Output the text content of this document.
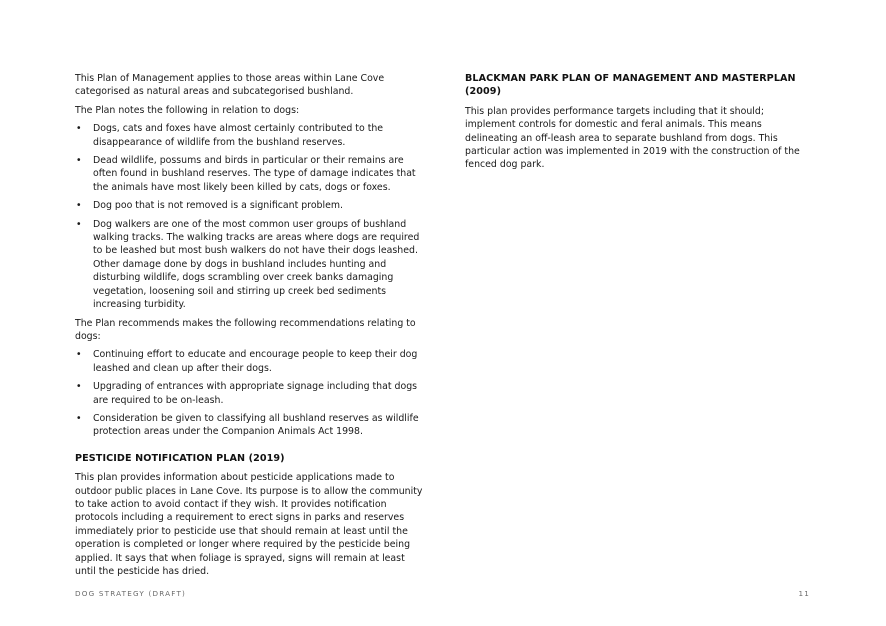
This Plan of Management applies to those areas within Lane Cove categorised as natural areas and subcategorised bushland.

The Plan notes the following in relation to dogs:

• Dogs, cats and foxes have almost certainly contributed to the disappearance of wildlife from the bushland reserves.
• Dead wildlife, possums and birds in particular or their remains are often found in bushland reserves. The type of damage indicates that the animals have most likely been killed by cats, dogs or foxes.
• Dog poo that is not removed is a significant problem.
• Dog walkers are one of the most common user groups of bushland walking tracks. The walking tracks are areas where dogs are required to be leashed but most bush walkers do not have their dogs leashed. Other damage done by dogs in bushland includes hunting and disturbing wildlife, dogs scrambling over creek banks damaging vegetation, loosening soil and stirring up creek bed sediments increasing turbidity.

The Plan recommends makes the following recommendations relating to dogs:

• Continuing effort to educate and encourage people to keep their dog leashed and clean up after their dogs.
• Upgrading of entrances with appropriate signage including that dogs are required to be on-leash.
• Consideration be given to classifying all bushland reserves as wildlife protection areas under the Companion Animals Act 1998.
PESTICIDE NOTIFICATION PLAN (2019)

This plan provides information about pesticide applications made to outdoor public places in Lane Cove. Its purpose is to allow the community to take action to avoid contact if they wish. It provides notification protocols including a requirement to erect signs in parks and reserves immediately prior to pesticide use that should remain at least until the operation is completed or longer where required by the pesticide being applied. It says that when foliage is sprayed, signs will remain at least until the pesticide has dried.

BLACKMAN PARK PLAN OF MANAGEMENT AND MASTERPLAN (2009)

This plan provides performance targets including that it should; implement controls for domestic and feral animals. This means delineating an off-leash area to separate bushland from dogs. This particular action was implemented in 2019 with the construction of the fenced dog park.

DOG STRATEGY (DRAFT)	11
